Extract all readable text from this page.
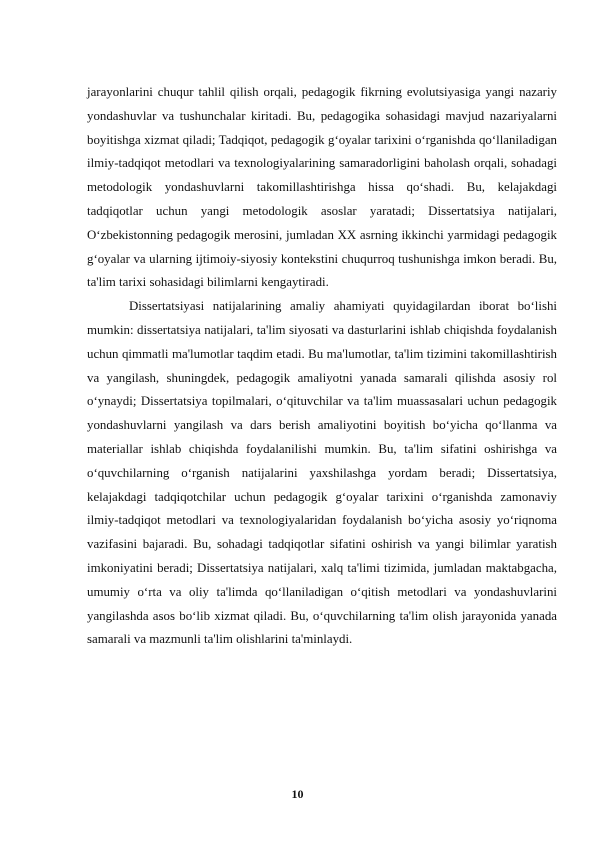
jarayonlarini chuqur tahlil qilish orqali, pedagogik fikrning evolutsiyasiga yangi nazariy yondashuvlar va tushunchalar kiritadi. Bu, pedagogika sohasidagi mavjud nazariyalarni boyitishga xizmat qiladi; Tadqiqot, pedagogik g‘oyalar tarixini o‘rganishda qo‘llaniladigan ilmiy-tadqiqot metodlari va texnologiyalarining samaradorligini baholash orqali, sohadagi metodologik yondashuvlarni takomillashtirishga hissa qo‘shadi. Bu, kelajakdagi tadqiqotlar uchun yangi metodologik asoslar yaratadi; Dissertatsiya natijalari, O‘zbekistonning pedagogik merosini, jumladan XX asrning ikkinchi yarmidagi pedagogik g‘oyalar va ularning ijtimoiy-siyosiy kontekstini chuqurroq tushunishga imkon beradi. Bu, ta'lim tarixi sohasidagi bilimlarni kengaytiradi.

Dissertatsiyasi natijalarining amaliy ahamiyati quyidagilardan iborat bo‘lishi mumkin: dissertatsiya natijalari, ta'lim siyosati va dasturlarini ishlab chiqishda foydalanish uchun qimmatli ma'lumotlar taqdim etadi. Bu ma'lumotlar, ta'lim tizimini takomillashtirish va yangilash, shuningdek, pedagogik amaliyotni yanada samarali qilishda asosiy rol o‘ynaydi; Dissertatsiya topilmalari, o‘qituvchilar va ta'lim muassasalari uchun pedagogik yondashuvlarni yangilash va dars berish amaliyotini boyitish bo‘yicha qo‘llanma va materiallar ishlab chiqishda foydalanilishi mumkin. Bu, ta'lim sifatini oshirishga va o‘quvchilarning o‘rganish natijalarini yaxshilashga yordam beradi; Dissertatsiya, kelajakdagi tadqiqotchilar uchun pedagogik g‘oyalar tarixini o‘rganishda zamonaviy ilmiy-tadqiqot metodlari va texnologiyalaridan foydalanish bo‘yicha asosiy yo‘riqnoma vazifasini bajaradi. Bu, sohadagi tadqiqotlar sifatini oshirish va yangi bilimlar yaratish imkoniyatini beradi; Dissertatsiya natijalari, xalq ta'limi tizimida, jumladan maktabgacha, umumiy o‘rta va oliy ta'limda qo‘llaniladigan o‘qitish metodlari va yondashuvlarini yangilashda asos bo‘lib xizmat qiladi. Bu, o‘quvchilarning ta'lim olish jarayonida yanada samarali va mazmunli ta'lim olishlarini ta'minlaydi.

10
